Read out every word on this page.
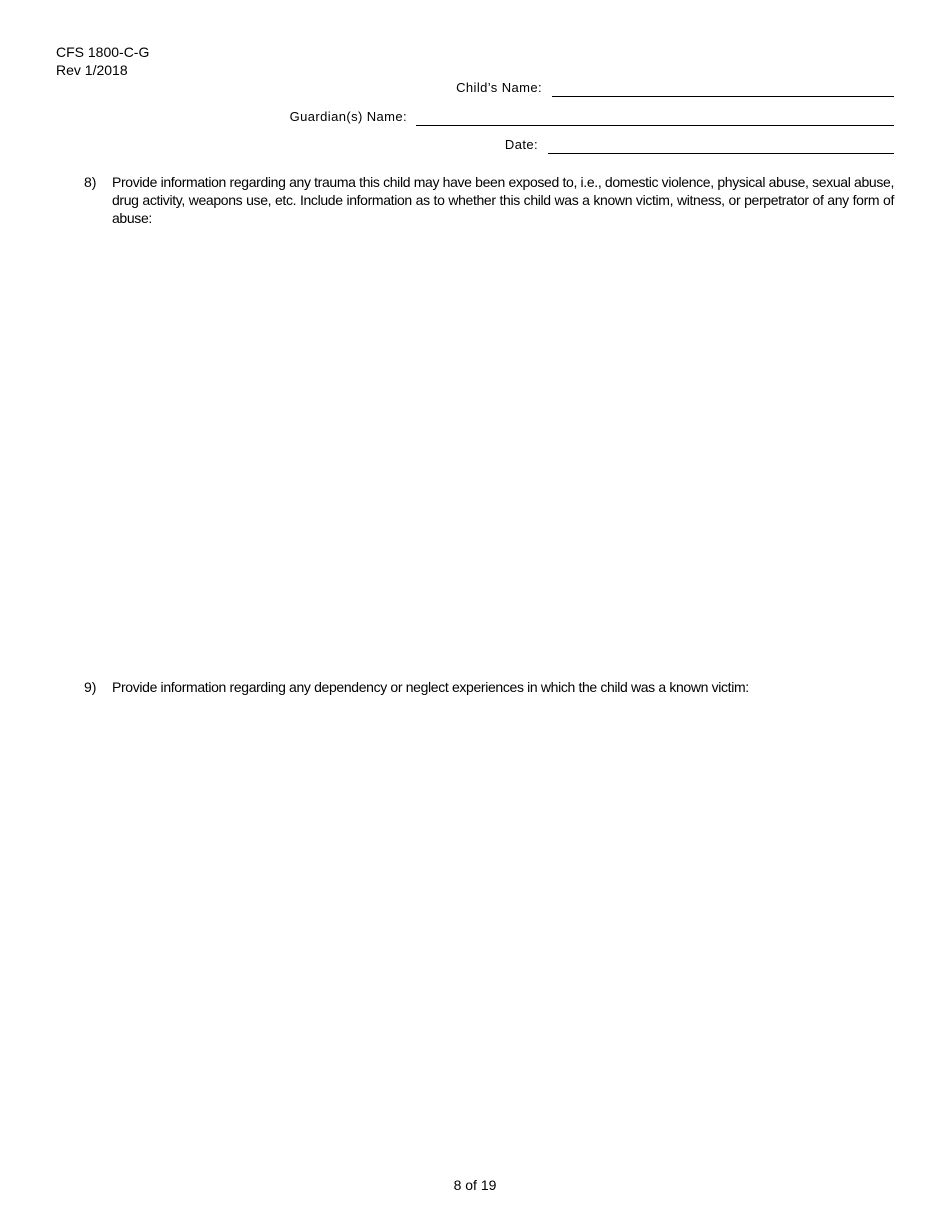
CFS 1800-C-G
Rev 1/2018
Child’s Name:
Guardian(s) Name:
Date:
8) Provide information regarding any trauma this child may have been exposed to, i.e., domestic violence, physical abuse, sexual abuse, drug activity, weapons use, etc. Include information as to whether this child was a known victim, witness, or perpetrator of any form of abuse:
9) Provide information regarding any dependency or neglect experiences in which the child was a known victim:
8 of 19
